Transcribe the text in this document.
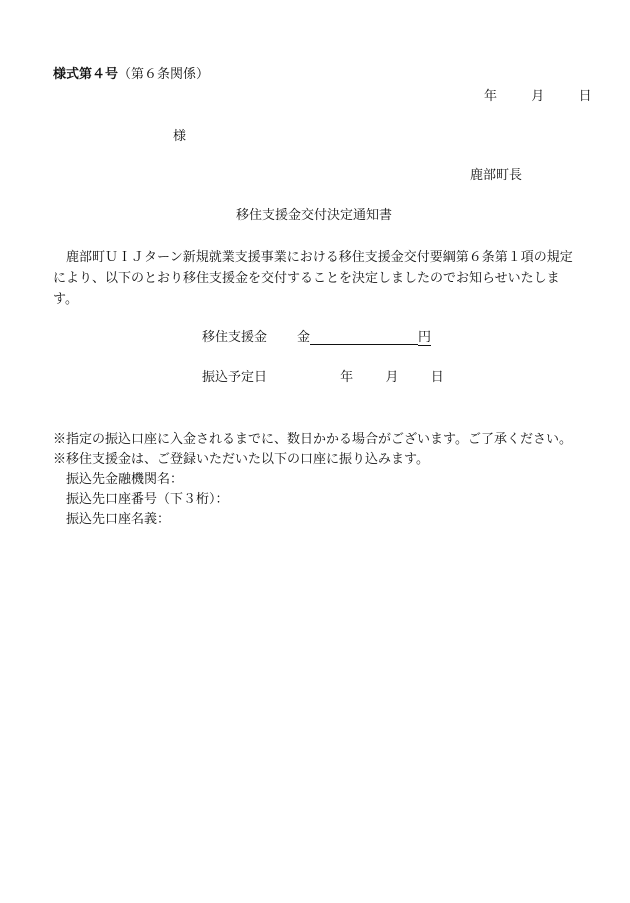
様式第４号（第６条関係）
年	月	日
様
鹿部町長
移住支援金交付決定通知書
鹿部町ＵＩＪターン新規就業支援事業における移住支援金交付要綱第６条第１項の規定により、以下のとおり移住支援金を交付することを決定しましたのでお知らせいたします。
移住支援金 金	円
振込予定日	年 月 日
※指定の振込口座に入金されるまでに、数日かかる場合がございます。ご了承ください。
※移住支援金は、ご登録いただいた以下の口座に振り込みます。
振込先金融機関名：
振込先口座番号（下３桁）：
振込先口座名義：
